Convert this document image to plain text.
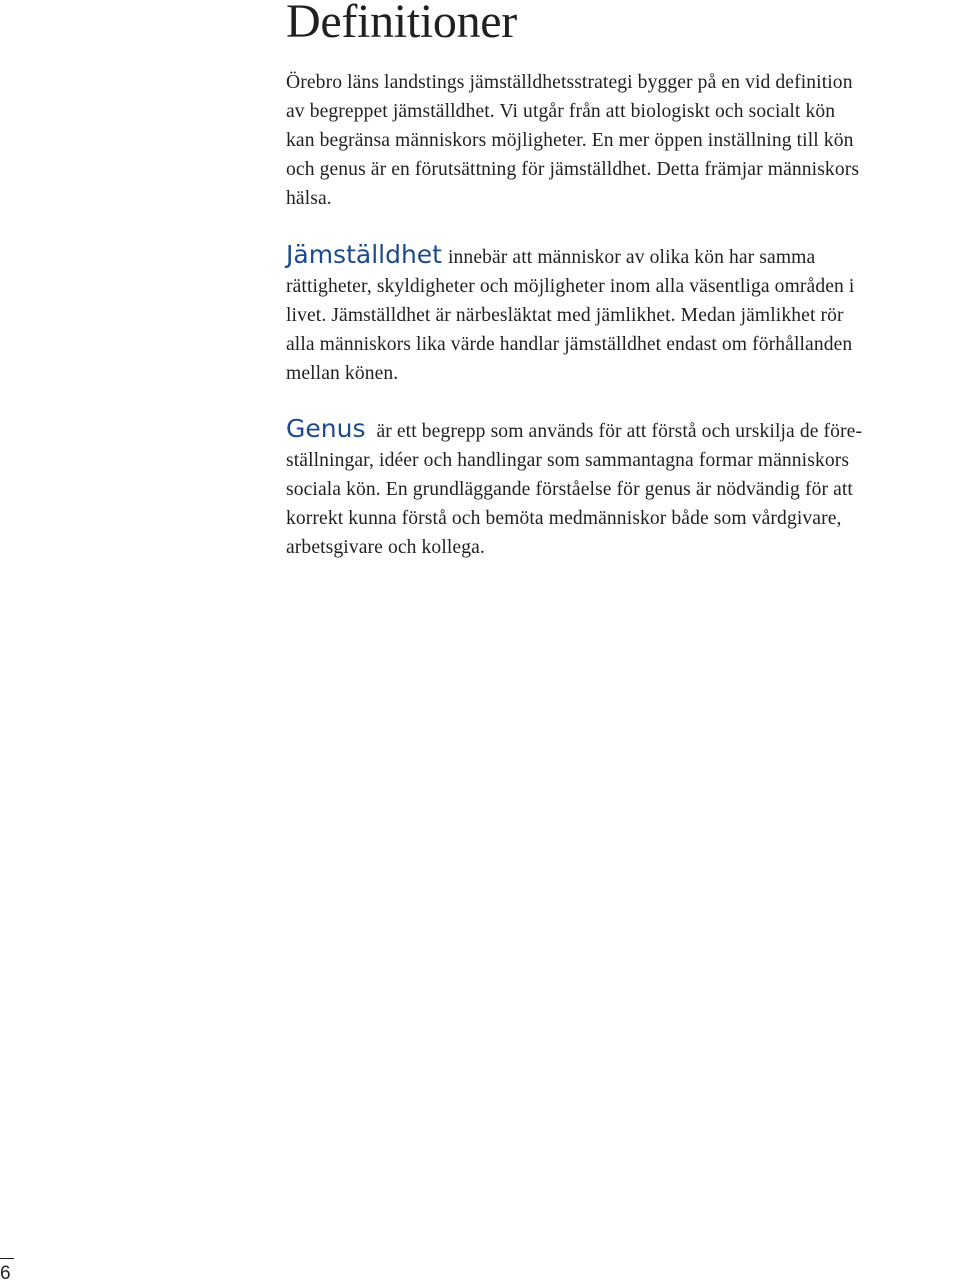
Definitioner

Örebro läns landstings jämställdhetsstrategi bygger på en vid definition
av begreppet jämställdhet. Vi utgår från att biologiskt och socialt kön
kan begränsa människors möjligheter. En mer öppen inställning till kön
och genus är en förutsättning för jämställdhet. Detta främjar människors
hälsa.

Jämställdhet innebär att människor av olika kön har samma
rättigheter, skyldigheter och möjligheter inom alla väsentliga områden i
livet. Jämställdhet är närbesläktat med jämlikhet. Medan jämlikhet rör
alla människors lika värde handlar jämställdhet endast om förhållanden
mellan könen.

Genus är ett begrepp som används för att förstå och urskilja de före-
ställningar, idéer och handlingar som sammantagna formar människors
sociala kön. En grundläggande förståelse för genus är nödvändig för att
korrekt kunna förstå och bemöta medmänniskor både som vårdgivare,
arbetsgivare och kollega.

6
